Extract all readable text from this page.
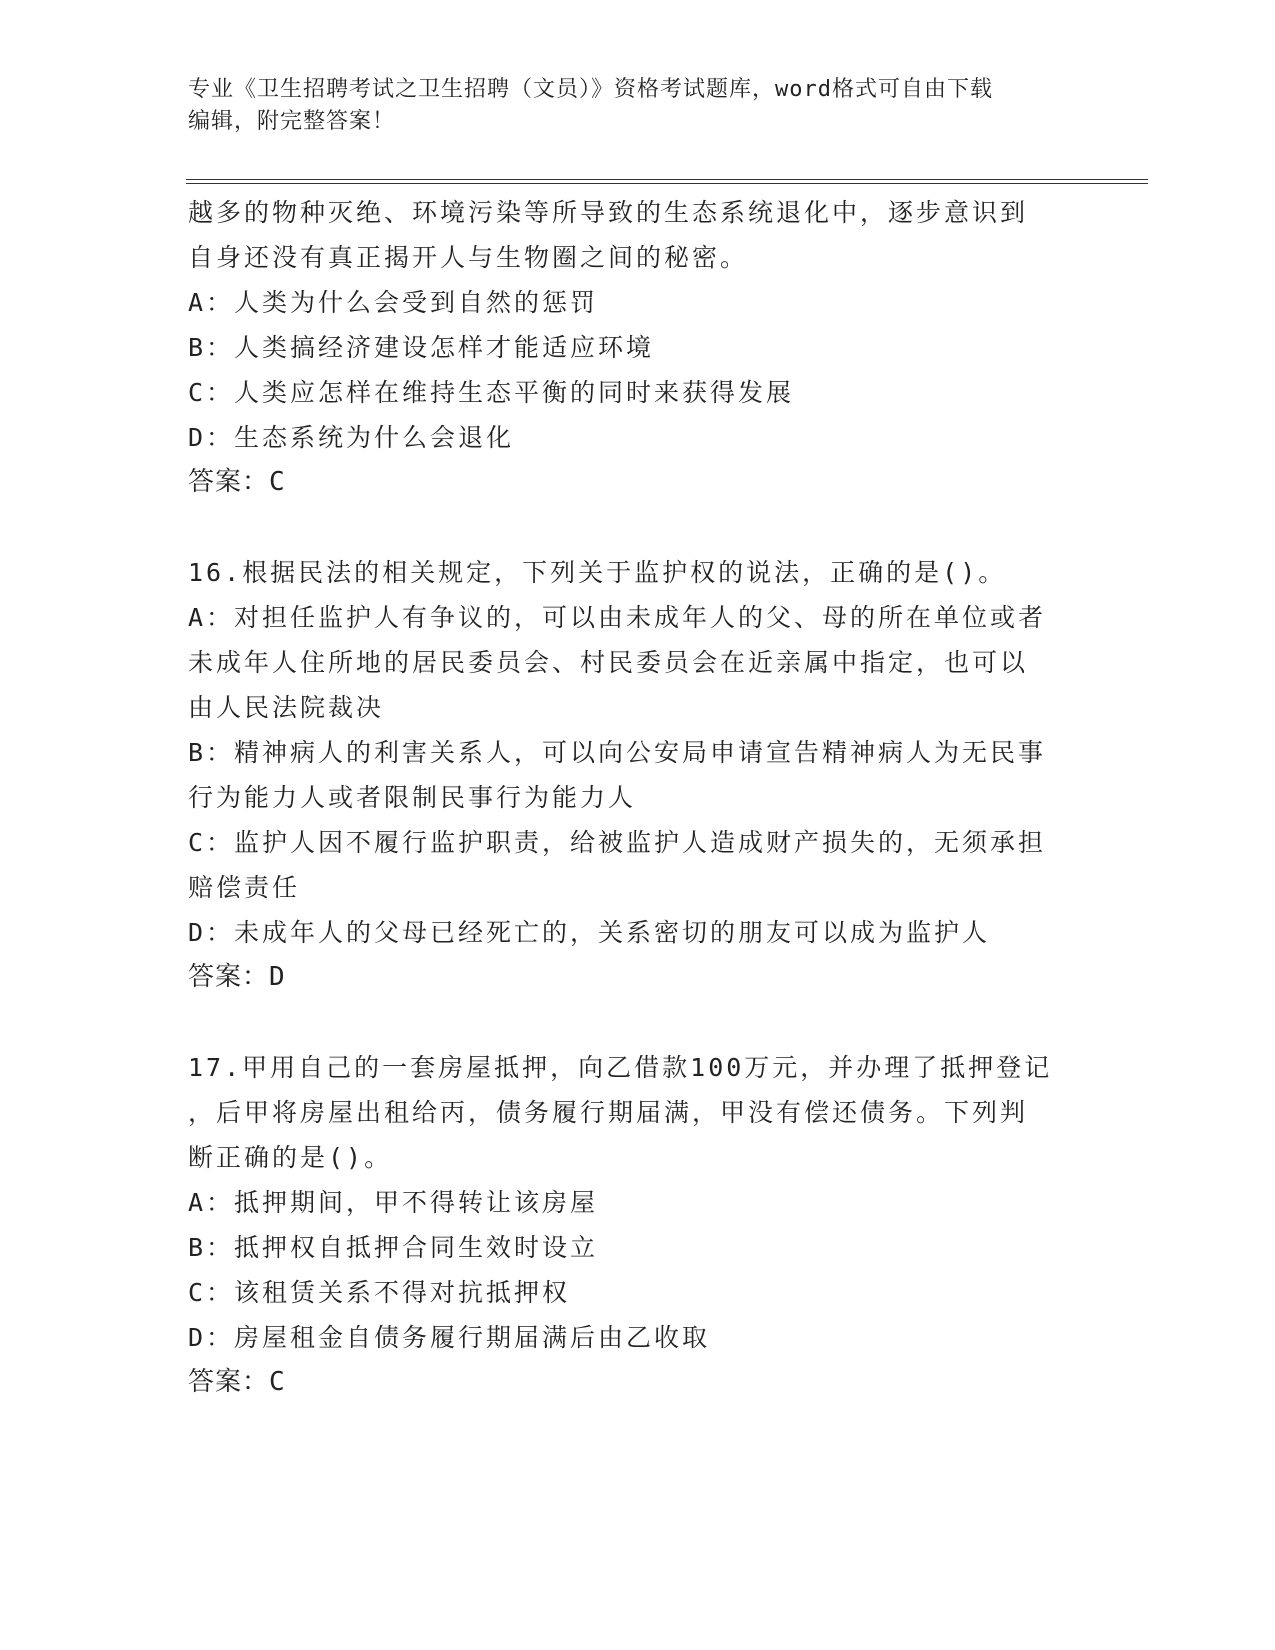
专业《卫生招聘考试之卫生招聘（文员）》资格考试题库，word格式可自由下载
编辑，附完整答案！
越多的物种灭绝、环境污染等所导致的生态系统退化中，逐步意识到
自身还没有真正揭开人与生物圈之间的秘密。
A：人类为什么会受到自然的惩罚
B：人类搞经济建设怎样才能适应环境
C：人类应怎样在维持生态平衡的同时来获得发展
D：生态系统为什么会退化
答案：C
16.根据民法的相关规定，下列关于监护权的说法，正确的是()。
A：对担任监护人有争议的，可以由未成年人的父、母的所在单位或者
未成年人住所地的居民委员会、村民委员会在近亲属中指定，也可以
由人民法院裁决
B：精神病人的利害关系人，可以向公安局申请宣告精神病人为无民事
行为能力人或者限制民事行为能力人
C：监护人因不履行监护职责，给被监护人造成财产损失的，无须承担
赔偿责任
D：未成年人的父母已经死亡的，关系密切的朋友可以成为监护人
答案：D
17.甲用自己的一套房屋抵押，向乙借款100万元，并办理了抵押登记
，后甲将房屋出租给丙，债务履行期届满，甲没有偿还债务。下列判
断正确的是()。
A：抵押期间，甲不得转让该房屋
B：抵押权自抵押合同生效时设立
C：该租赁关系不得对抗抵押权
D：房屋租金自债务履行期届满后由乙收取
答案：C
